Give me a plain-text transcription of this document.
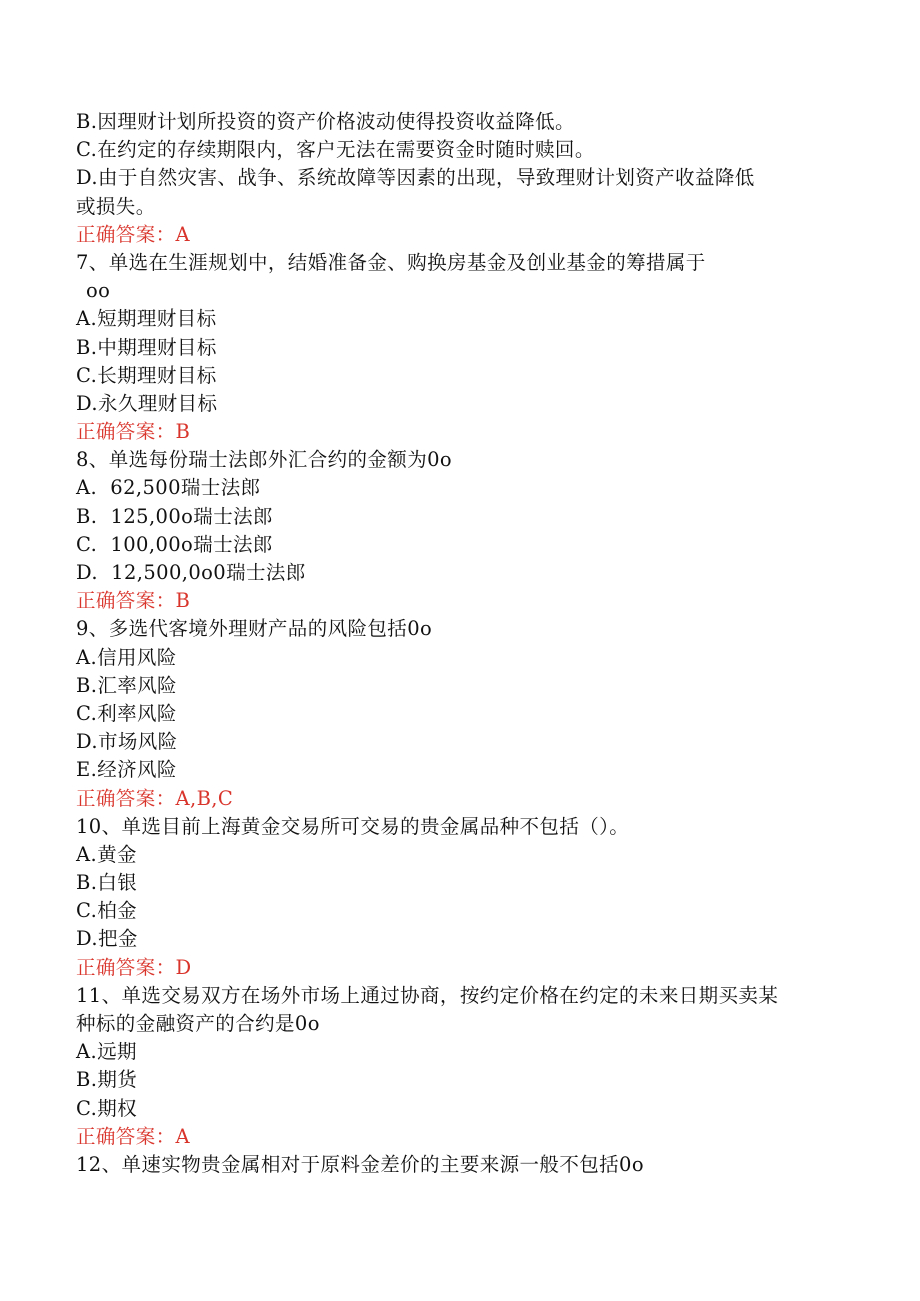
B.因理财计划所投资的资产价格波动使得投资收益降低。
C.在约定的存续期限内，客户无法在需要资金时随时赎回。
D.由于自然灾害、战争、系统故障等因素的出现，导致理财计划资产收益降低
或损失。
正确答案：A
7、单选在生涯规划中，结婚准备金、购换房基金及创业基金的筹措属于
oo
A.短期理财目标
B.中期理财目标
C.长期理财目标
D.永久理财目标
正确答案：B
8、单选每份瑞士法郎外汇合约的金额为0o
A.  62,500瑞士法郎
B.  125,00o瑞士法郎
C.  100,00o瑞士法郎
D.  12,500,0o0瑞士法郎
正确答案：B
9、多选代客境外理财产品的风险包括0o
A.信用风险
B.汇率风险
C.利率风险
D.市场风险
E.经济风险
正确答案：A,B,C
10、单选目前上海黄金交易所可交易的贵金属品种不包括（）。
A.黄金
B.白银
C.柏金
D.把金
正确答案：D
11、单选交易双方在场外市场上通过协商，按约定价格在约定的未来日期买卖某
种标的金融资产的合约是0o
A.远期
B.期货
C.期权
正确答案：A
12、单速实物贵金属相对于原料金差价的主要来源一般不包括0o
